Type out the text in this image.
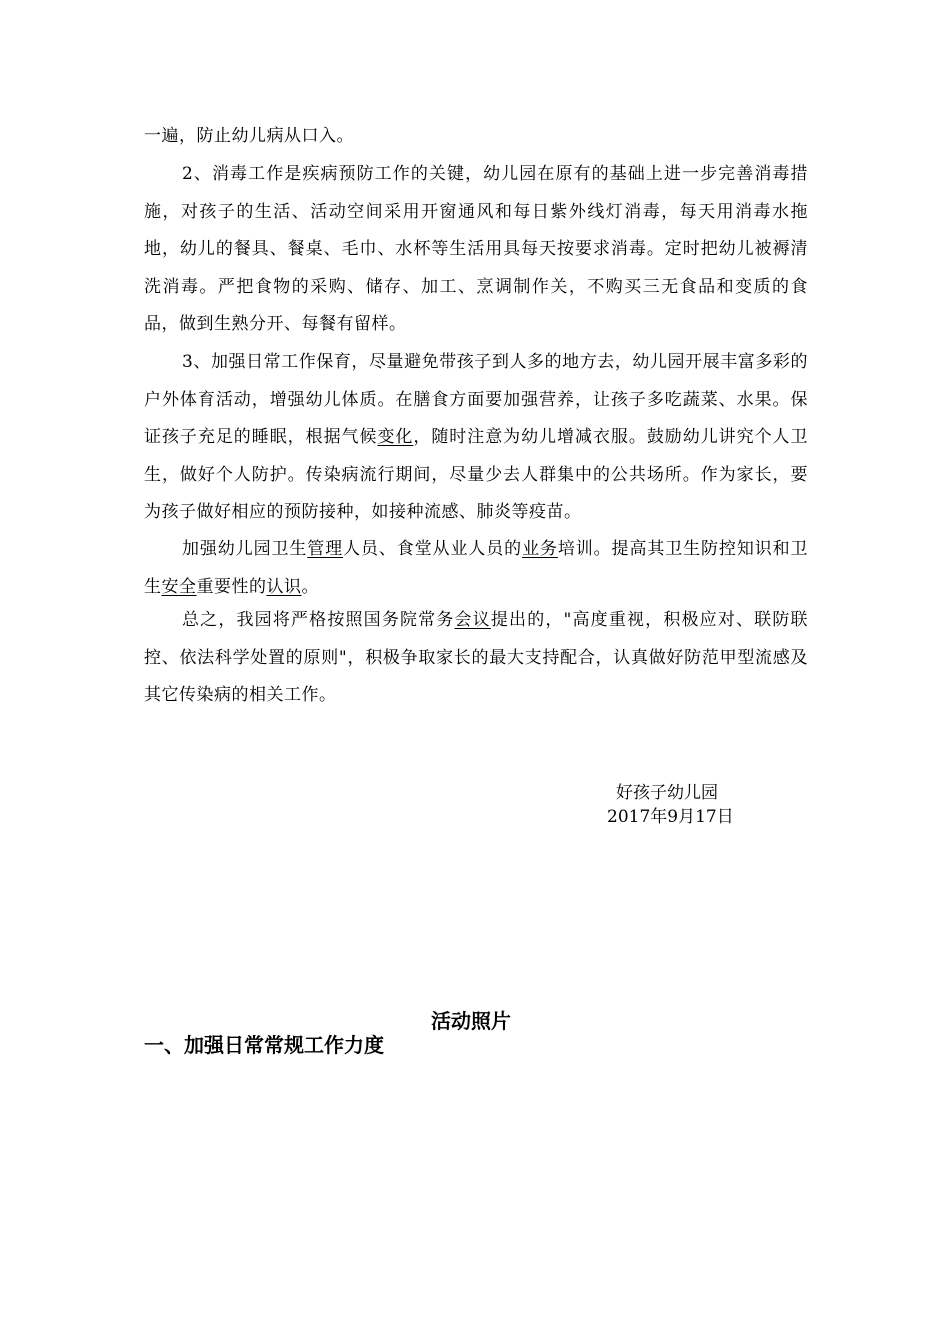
一遍，防止幼儿病从口入。

2、消毒工作是疾病预防工作的关键，幼儿园在原有的基础上进一步完善消毒措施，对孩子的生活、活动空间采用开窗通风和每日紫外线灯消毒，每天用消毒水拖地，幼儿的餐具、餐桌、毛巾、水杯等生活用具每天按要求消毒。定时把幼儿被褥清洗消毒。严把食物的采购、储存、加工、烹调制作关，不购买三无食品和变质的食品，做到生熟分开、每餐有留样。

3、加强日常工作保育，尽量避免带孩子到人多的地方去，幼儿园开展丰富多彩的户外体育活动，增强幼儿体质。在膳食方面要加强营养，让孩子多吃蔬菜、水果。保证孩子充足的睡眠，根据气候变化，随时注意为幼儿增减衣服。鼓励幼儿讲究个人卫生，做好个人防护。传染病流行期间，尽量少去人群集中的公共场所。作为家长，要为孩子做好相应的预防接种，如接种流感、肺炎等疫苗。

加强幼儿园卫生管理人员、食堂从业人员的业务培训。提高其卫生防控知识和卫生安全重要性的认识。

总之，我园将严格按照国务院常务会议提出的，"高度重视，积极应对、联防联控、依法科学处置的原则"，积极争取家长的最大支持配合，认真做好防范甲型流感及其它传染病的相关工作。

好孩子幼儿园
2017年9月17日
活动照片
一、加强日常常规工作力度
